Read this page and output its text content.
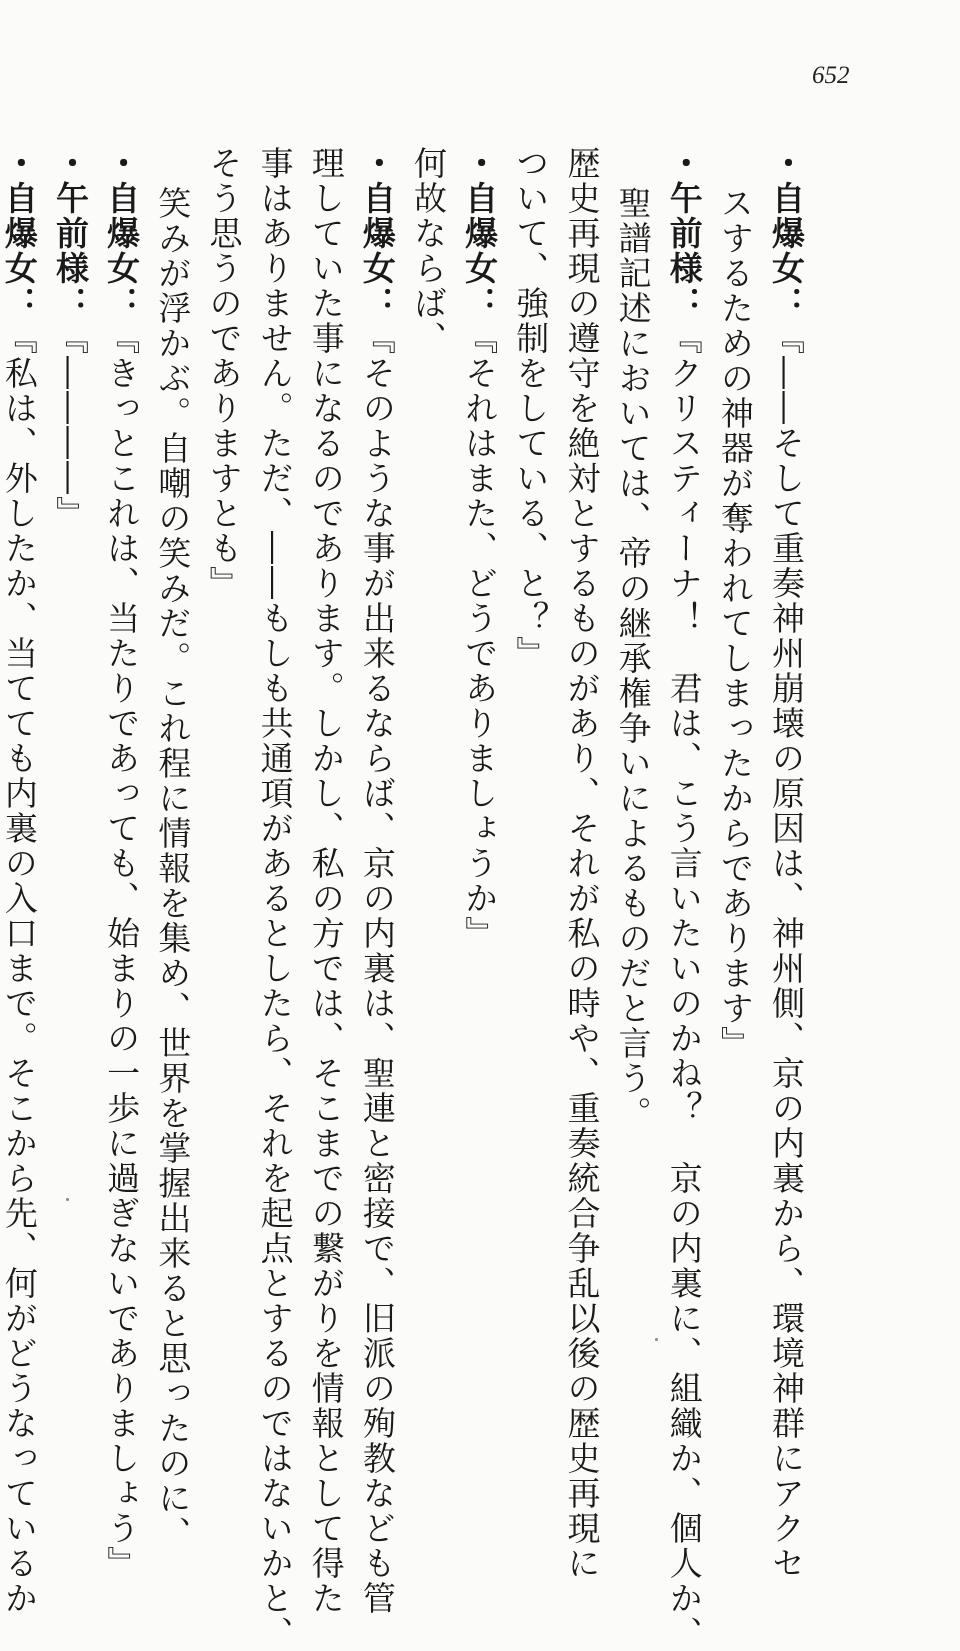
652
・自爆女：『――そして重奏神州崩壊の原因は、神州側、京の内裏から、環境神群にアクセ
スするための神器が奪われてしまったからであります』
・午前様：『クリスティーナ！　君は、こう言いたいのかね？　京の内裏に、組織か、個人か、
聖譜記述においては、帝の継承権争いによるものだと言う。
歴史再現の遵守を絶対とするものがあり、それが私の時や、重奏統合争乱以後の歴史再現に
ついて、強制をしている、と？』
・自爆女：『それはまた、どうでありましょうか』
何故ならば、
・自爆女：『そのような事が出来るならば、京の内裏は、聖連と密接で、旧派の殉教なども管
理していた事になるのであります。しかし、私の方では、そこまでの繋がりを情報として得た
事はありません。ただ、――もしも共通項があるとしたら、それを起点とするのではないかと、
そう思うのでありますとも』
笑みが浮かぶ。自嘲の笑みだ。これ程に情報を集め、世界を掌握出来ると思ったのに、
・自爆女：『きっとこれは、当たりであっても、始まりの一歩に過ぎないでありましょう』
・午前様：『――――』
・自爆女：『私は、外したか、当てても内裏の入口まで。そこから先、何がどうなっているか
